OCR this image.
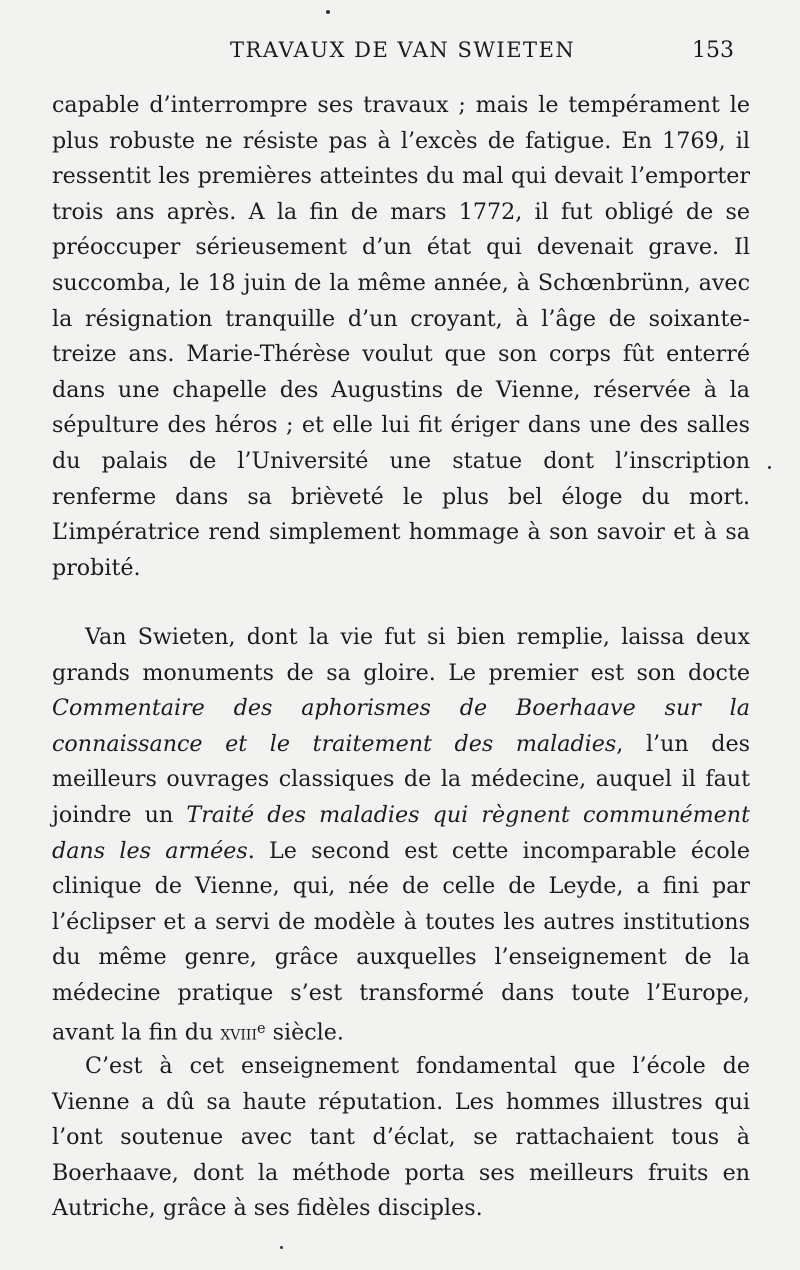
TRAVAUX DE VAN SWIETEN	153

capable d’interrompre ses travaux ; mais le tempérament le plus robuste ne résiste pas à l’excès de fatigue. En 1769, il ressentit les premières atteintes du mal qui devait l’emporter trois ans après. A la fin de mars 1772, il fut obligé de se préoccuper sérieusement d’un état qui devenait grave. Il succomba, le 18 juin de la même année, à Schœnbrünn, avec la résignation tranquille d’un croyant, à l’âge de soixante-treize ans. Marie-Thérèse voulut que son corps fût enterré dans une chapelle des Augustins de Vienne, réservée à la sépulture des héros ; et elle lui fit ériger dans une des salles du palais de l’Université une statue dont l’inscription renferme dans sa brièveté le plus bel éloge du mort. L’impératrice rend simplement hommage à son savoir et à sa probité.

Van Swieten, dont la vie fut si bien remplie, laissa deux grands monuments de sa gloire. Le premier est son docte Commentaire des aphorismes de Boerhaave sur la connaissance et le traitement des maladies, l’un des meilleurs ouvrages classiques de la médecine, auquel il faut joindre un Traité des maladies qui règnent communément dans les armées. Le second est cette incomparable école clinique de Vienne, qui, née de celle de Leyde, a fini par l’éclipser et a servi de modèle à toutes les autres institutions du même genre, grâce auxquelles l’enseignement de la médecine pratique s’est transformé dans toute l’Europe, avant la fin du xviii$^e$ siècle.

C’est à cet enseignement fondamental que l’école de Vienne a dû sa haute réputation. Les hommes illustres qui l’ont soutenue avec tant d’éclat, se rattachaient tous à Boerhaave, dont la méthode porta ses meilleurs fruits en Autriche, grâce à ses fidèles disciples.
